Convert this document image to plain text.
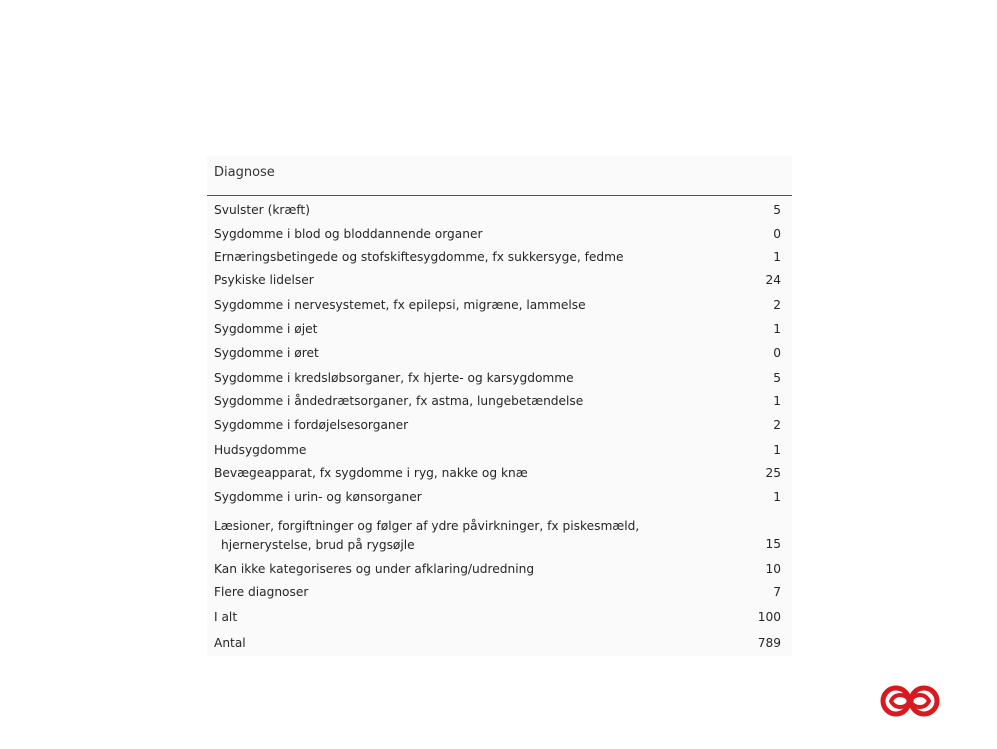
Diagnose
Svulster (kræft)	5
Sygdomme i blod og bloddannende organer	0
Ernæringsbetingede og stofskiftesygdomme, fx sukkersyge, fedme	1
Psykiske lidelser	24
Sygdomme i nervesystemet, fx epilepsi, migræne, lammelse	2
Sygdomme i øjet	1
Sygdomme i øret	0
Sygdomme i kredsløbsorganer, fx hjerte- og karsygdomme	5
Sygdomme i åndedrætsorganer, fx astma, lungebetændelse	1
Sygdomme i fordøjelsesorganer	2
Hudsygdomme	1
Bevægeapparat, fx sygdomme i ryg, nakke og knæ	25
Sygdomme i urin- og kønsorganer	1
Læsioner, forgiftninger og følger af ydre påvirkninger, fx piskesmæld,
hjernerystelse, brud på rygsøjle	15
Kan ikke kategoriseres og under afklaring/udredning	10
Flere diagnoser	7
I alt	100
Antal	789
